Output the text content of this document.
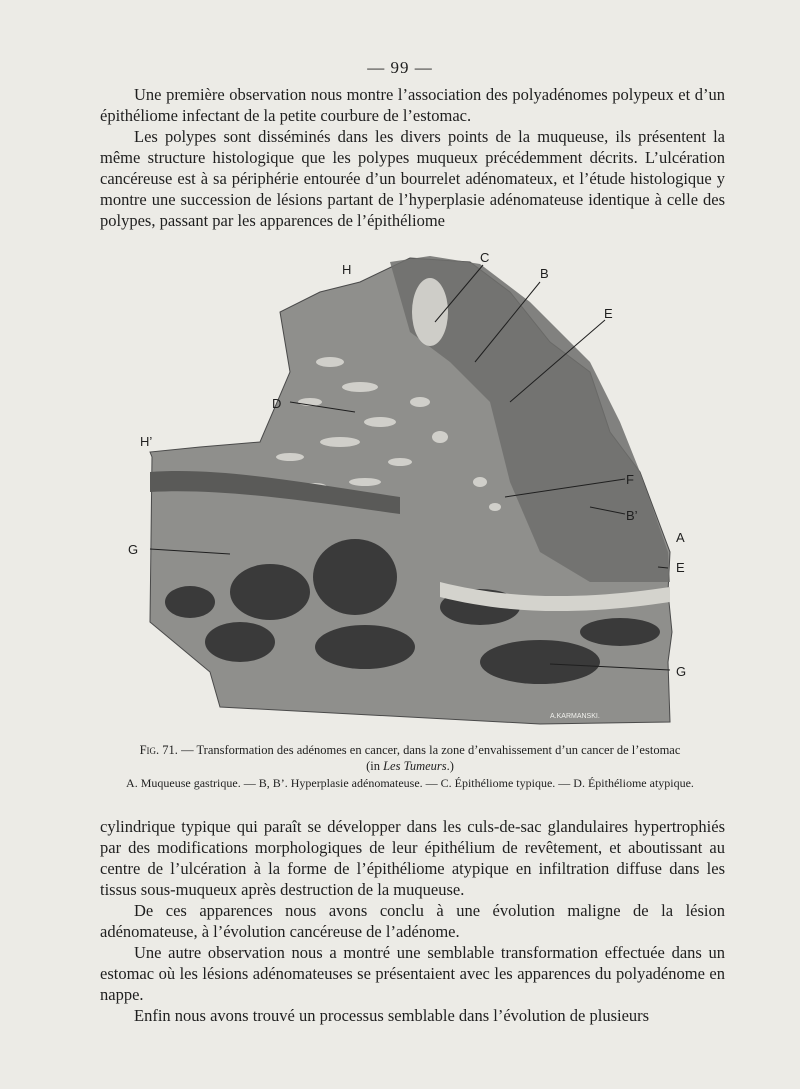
— 99 —

Une première observation nous montre l’association des polyadénomes polypeux et d’un épithéliome infectant de la petite courbure de l’estomac.

Les polypes sont disséminés dans les divers points de la muqueuse, ils présentent la même structure histologique que les polypes muqueux précédemment décrits. L’ulcération cancéreuse est à sa périphérie entourée d’un bourrelet adénomateux, et l’étude histologique y montre une succession de lésions partant de l’hyperplasie adénomateuse identique à celle des polypes, passant par les apparences de l’épithéliome

H
H’
C
B
E
D
F
B’
A
E
G
G
A.KARMANSKI.
Fig. 71. — Transformation des adénomes en cancer, dans la zone d’envahissement d’un cancer de l’estomac
(in Les Tumeurs.)
A. Muqueuse gastrique. — B, B’. Hyperplasie adénomateuse. — C. Épithéliome typique. — D. Épithéliome atypique.

cylindrique typique qui paraît se développer dans les culs-de-sac glandulaires hypertrophiés par des modifications morphologiques de leur épithélium de revêtement, et aboutissant au centre de l’ulcération à la forme de l’épithéliome atypique en infiltration diffuse dans les tissus sous-muqueux après destruction de la muqueuse.

De ces apparences nous avons conclu à une évolution maligne de la lésion adénomateuse, à l’évolution cancéreuse de l’adénome.

Une autre observation nous a montré une semblable transformation effectuée dans un estomac où les lésions adénomateuses se présentaient avec les apparences du polyadénome en nappe.

Enfin nous avons trouvé un processus semblable dans l’évolution de plusieurs
